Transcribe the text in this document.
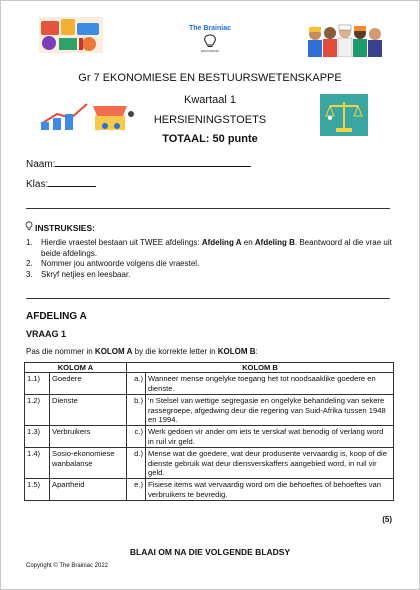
The Brainiac
EDUCATION
Gr 7 EKONOMIESE EN BESTUURSWETENSKAPPE
Kwartaal 1
HERSIENINGSTOETS
TOTAAL: 50 punte
Naam:
Klas:
INSTRUKSIES:
1.	Hierdie vraestel bestaan uit TWEE afdelings: Afdeling A en Afdeling B. Beantwoord al die vrae uit beide afdelings.
2.	Nommer jou antwoorde volgens die vraestel.
3.	Skryf netjies en leesbaar.
AFDELING A
VRAAG 1
Pas die nommer in KOLOM A by die korrekte letter in KOLOM B:
KOLOM A		KOLOM B	
1.1)	Goedere	a.)	Wanneer mense ongelyke toegang het tot noodsaaklike goedere en dienste.
1.2)	Dienste	b.)	'n Stelsel van wettige segregasie en ongelyke behandeling van sekere rassegroepe, afgedwing deur die regering van Suid-Afrika tussen 1948 en 1994.
1.3)	Verbruikers	c.)	Werk gedoen vir ander om iets te verskaf wat benodig of verlang word in ruil vir geld.
1.4)	Sosio-ekonomiese wanbalanse	d.)	Mense wat die goedere, wat deur produsente vervaardig is, koop of die dienste gebruik wat deur diensverskaffers aangebied word, in ruil vir geld.
1.5)	Apartheid	e.)	Fisiese items wat vervaardig word om die behoeftes of behoeftes van verbruikers te bevredig.
(5)
BLAAI OM NA DIE VOLGENDE BLADSY
Copyright © The Brainiac 2022
